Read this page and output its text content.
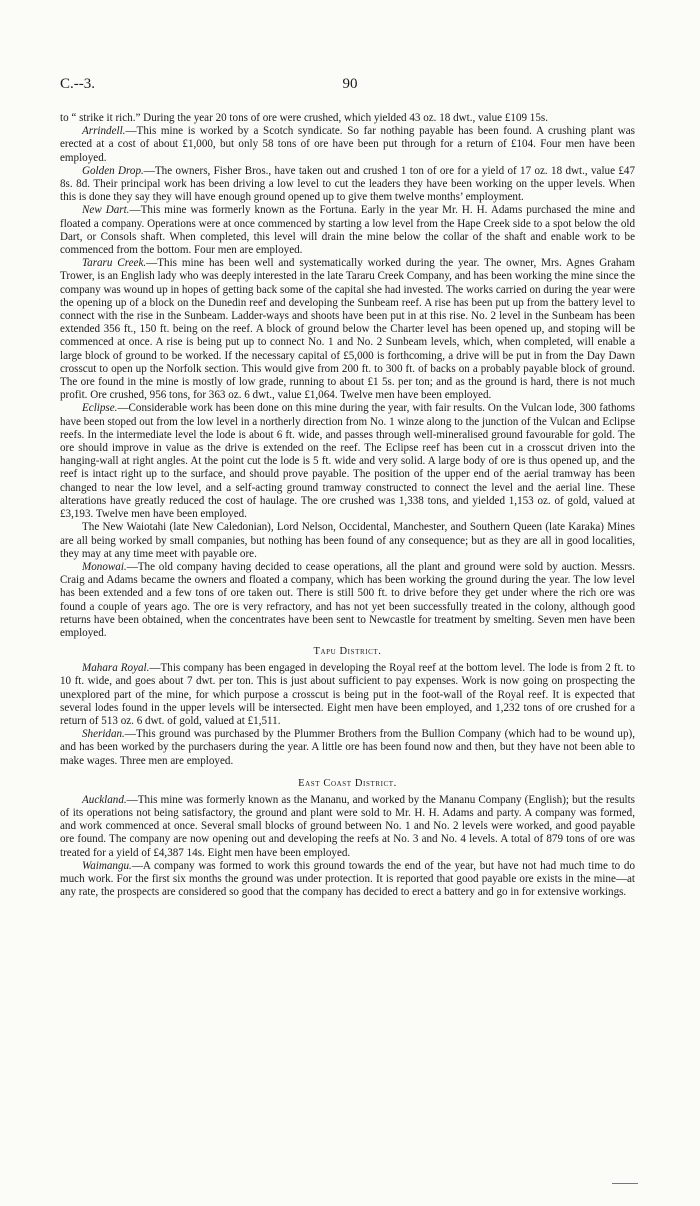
90
C.--3.

to “ strike it rich.” During the year 20 tons of ore were crushed, which yielded 43 oz. 18 dwt., value £109 15s.

Arrindell.—This mine is worked by a Scotch syndicate. So far nothing payable has been found. A crushing plant was erected at a cost of about £1,000, but only 58 tons of ore have been put through for a return of £104. Four men have been employed.

Golden Drop.—The owners, Fisher Bros., have taken out and crushed 1 ton of ore for a yield of 17 oz. 18 dwt., value £47 8s. 8d. Their principal work has been driving a low level to cut the leaders they have been working on the upper levels. When this is done they say they will have enough ground opened up to give them twelve months’ employment.

New Dart.—This mine was formerly known as the Fortuna. Early in the year Mr. H. H. Adams purchased the mine and floated a company. Operations were at once commenced by starting a low level from the Hape Creek side to a spot below the old Dart, or Consols shaft. When completed, this level will drain the mine below the collar of the shaft and enable work to be commenced from the bottom. Four men are employed.

Tararu Creek.—This mine has been well and systematically worked during the year. The owner, Mrs. Agnes Graham Trower, is an English lady who was deeply interested in the late Tararu Creek Company, and has been working the mine since the company was wound up in hopes of getting back some of the capital she had invested. The works carried on during the year were the opening up of a block on the Dunedin reef and developing the Sunbeam reef. A rise has been put up from the battery level to connect with the rise in the Sunbeam. Ladder-ways and shoots have been put in at this rise. No. 2 level in the Sunbeam has been extended 356 ft., 150 ft. being on the reef. A block of ground below the Charter level has been opened up, and stoping will be commenced at once. A rise is being put up to connect No. 1 and No. 2 Sunbeam levels, which, when completed, will enable a large block of ground to be worked. If the necessary capital of £5,000 is forthcoming, a drive will be put in from the Day Dawn crosscut to open up the Norfolk section. This would give from 200 ft. to 300 ft. of backs on a probably payable block of ground. The ore found in the mine is mostly of low grade, running to about £1 5s. per ton; and as the ground is hard, there is not much profit. Ore crushed, 956 tons, for 363 oz. 6 dwt., value £1,064. Twelve men have been employed.

Eclipse.—Considerable work has been done on this mine during the year, with fair results. On the Vulcan lode, 300 fathoms have been stoped out from the low level in a northerly direction from No. 1 winze along to the junction of the Vulcan and Eclipse reefs. In the intermediate level the lode is about 6 ft. wide, and passes through well-mineralised ground favourable for gold. The ore should improve in value as the drive is extended on the reef. The Eclipse reef has been cut in a crosscut driven into the hanging-wall at right angles. At the point cut the lode is 5 ft. wide and very solid. A large body of ore is thus opened up, and the reef is intact right up to the surface, and should prove payable. The position of the upper end of the aerial tramway has been changed to near the low level, and a self-acting ground tramway constructed to connect the level and the aerial line. These alterations have greatly reduced the cost of haulage. The ore crushed was 1,338 tons, and yielded 1,153 oz. of gold, valued at £3,193. Twelve men have been employed.

The New Waiotahi (late New Caledonian), Lord Nelson, Occidental, Manchester, and Southern Queen (late Karaka) Mines are all being worked by small companies, but nothing has been found of any consequence; but as they are all in good localities, they may at any time meet with payable ore.

Monowai.—The old company having decided to cease operations, all the plant and ground were sold by auction. Messrs. Craig and Adams became the owners and floated a company, which has been working the ground during the year. The low level has been extended and a few tons of ore taken out. There is still 500 ft. to drive before they get under where the rich ore was found a couple of years ago. The ore is very refractory, and has not yet been successfully treated in the colony, although good returns have been obtained, when the concentrates have been sent to Newcastle for treatment by smelting. Seven men have been employed.

Tapu District.

Mahara Royal.—This company has been engaged in developing the Royal reef at the bottom level. The lode is from 2 ft. to 10 ft. wide, and goes about 7 dwt. per ton. This is just about sufficient to pay expenses. Work is now going on prospecting the unexplored part of the mine, for which purpose a crosscut is being put in the foot-wall of the Royal reef. It is expected that several lodes found in the upper levels will be intersected. Eight men have been employed, and 1,232 tons of ore crushed for a return of 513 oz. 6 dwt. of gold, valued at £1,511.

Sheridan.—This ground was purchased by the Plummer Brothers from the Bullion Company (which had to be wound up), and has been worked by the purchasers during the year. A little ore has been found now and then, but they have not been able to make wages. Three men are employed.

East Coast District.

Auckland.—This mine was formerly known as the Mananu, and worked by the Mananu Company (English); but the results of its operations not being satisfactory, the ground and plant were sold to Mr. H. H. Adams and party. A company was formed, and work commenced at once. Several small blocks of ground between No. 1 and No. 2 levels were worked, and good payable ore found. The company are now opening out and developing the reefs at No. 3 and No. 4 levels. A total of 879 tons of ore was treated for a yield of £4,387 14s. Eight men have been employed.

Waimangu.—A company was formed to work this ground towards the end of the year, but have not had much time to do much work. For the first six months the ground was under protection. It is reported that good payable ore exists in the mine—at any rate, the prospects are considered so good that the company has decided to erect a battery and go in for extensive workings.
